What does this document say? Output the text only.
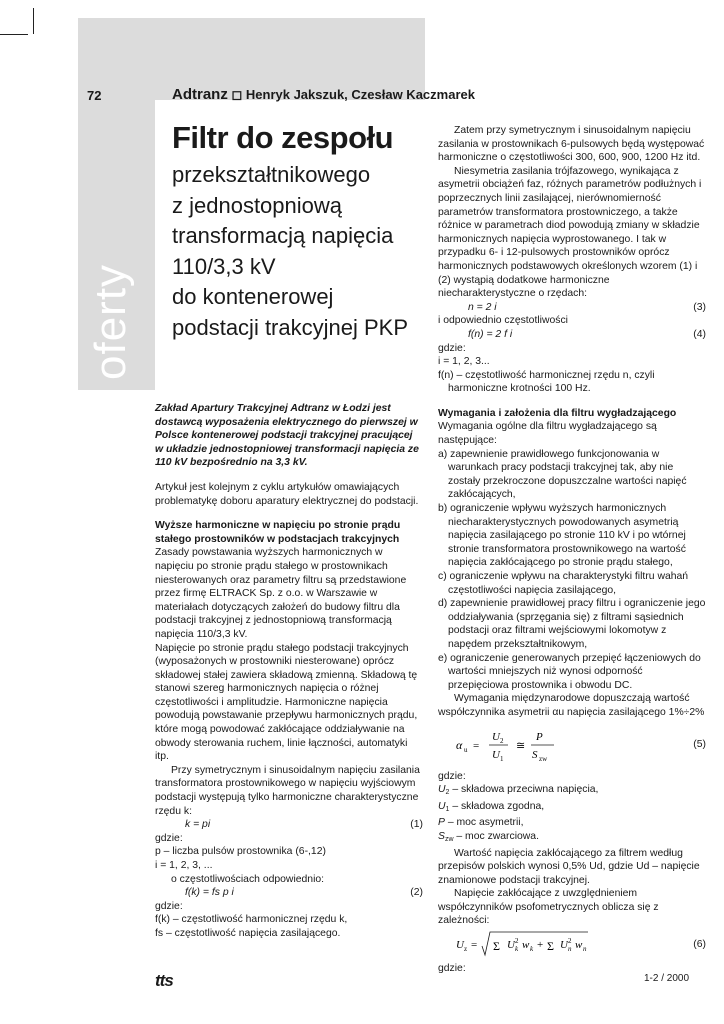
oferty
72	Adtranz ◻ Henryk Jakszuk, Czesław Kaczmarek
Filtr do zespołu
przekształtnikowego
z jednostopniową
transformacją napięcia
110/3,3 kV
do kontenerowej
podstacji trakcyjnej PKP

Zakład Apartury Trakcyjnej Adtranz w Łodzi jest dostawcą wyposażenia elektrycznego do pierwszej w Polsce kontenerowej podstacji trakcyjnej pracującej w układzie jednostopniowej transformacji napięcia ze 110 kV bezpośrednio na 3,3 kV.

Artykuł jest kolejnym z cyklu artykułów omawiających problematykę doboru aparatury elektrycznej do podstacji.

Wyższe harmoniczne w napięciu po stronie prądu stałego prostowników w podstacjach trakcyjnych

Zasady powstawania wyższych harmonicznych w napięciu po stronie prądu stałego w prostownikach niesterowanych oraz parametry filtru są przedstawione przez firmę ELTRACK Sp. z o.o. w Warszawie w materiałach dotyczących założeń do budowy filtru dla podstacji trakcyjnej z jednostopniową transformacją napięcia 110/3,3 kV.

Napięcie po stronie prądu stałego podstacji trakcyjnych (wyposażonych w prostowniki niesterowane) oprócz składowej stałej zawiera składową zmienną. Składową tę stanowi szereg harmonicznych napięcia o różnej częstotliwości i amplitudzie. Harmoniczne napięcia powodują powstawanie przepływu harmonicznych prądu, które mogą powodować zakłócające oddziaływanie na obwody sterowania ruchem, linie łączności, automatyki itp.

Przy symetrycznym i sinusoidalnym napięciu zasilania transformatora prostownikowego w napięciu wyjściowym podstacji występują tylko harmoniczne charakterystyczne rzędu k:

k = pi	(1)

gdzie:

p – liczba pulsów prostownika (6-,12)

i = 1, 2, 3, ...

o częstotliwościach odpowiednio:

f(k) = fs p i	(2)

gdzie:

f(k) – częstotliwość harmonicznej rzędu k,

fs – częstotliwość napięcia zasilającego.

Zatem przy symetrycznym i sinusoidalnym napięciu zasilania w prostownikach 6-pulsowych będą występować harmoniczne o częstotliwości 300, 600, 900, 1200 Hz itd.

Niesymetria zasilania trójfazowego, wynikająca z asymetrii obciążeń faz, różnych parametrów podłużnych i poprzecznych linii zasilającej, nierównomierność parametrów transformatora prostowniczego, a także różnice w parametrach diod powodują zmiany w składzie harmonicznych napięcia wyprostowanego. I tak w przypadku 6- i 12-pulsowych prostowników oprócz harmonicznych podstawowych określonych wzorem (1) i (2) wystąpią dodatkowe harmoniczne niecharakterystyczne o rzędach:

n = 2 i	(3)

i odpowiednio częstotliwości

f(n) = 2 f i	(4)

gdzie:

i = 1, 2, 3...

f(n) – częstotliwość harmonicznej rzędu n, czyli harmoniczne krotności 100 Hz.

Wymagania i założenia dla filtru wygładzającego

Wymagania ogólne dla filtru wygładzającego są następujące:

a) zapewnienie prawidłowego funkcjonowania w warunkach pracy podstacji trakcyjnej tak, aby nie zostały przekroczone dopuszczalne wartości napięć zakłócających,

b) ograniczenie wpływu wyższych harmonicznych niecharakterystycznych powodowanych asymetrią napięcia zasilającego po stronie 110 kV i po wtórnej stronie transformatora prostownikowego na wartość napięcia zakłócającego po stronie prądu stałego,

c) ograniczenie wpływu na charakterystyki filtru wahań częstotliwości napięcia zasilającego,

d) zapewnienie prawidłowej pracy filtru i ograniczenie jego oddziaływania (sprzęgania się) z filtrami sąsiednich podstacji oraz filtrami wejściowymi lokomotyw z napędem przekształtnikowym,

e) ograniczenie generowanych przepięć łączeniowych do wartości mniejszych niż wynosi odporność przepięciowa prostownika i obwodu DC.

Wymagania międzynarodowe dopuszczają wartość współczynnika asymetrii αu napięcia zasilającego 1%÷2%

α u =
U 2
U 1
≅
P
S zw
(5)

gdzie:

$U_2$ – składowa przeciwna napięcia,

$U_1$ – składowa zgodna,

P – moc asymetrii,

$S_{zw}$ – moc zwarciowa.

Wartość napięcia zakłócającego za filtrem według przepisów polskich wynosi 0,5% Ud, gdzie Ud – napięcie znamionowe podstacji trakcyjnej.

Napięcie zakłócające z uwzględnieniem współczynników psofometrycznych oblicza się z zależności:

U z = Σ U 2
k w k + Σ U 2
n w n	(6)

gdzie:

tts	1-2 / 2000
